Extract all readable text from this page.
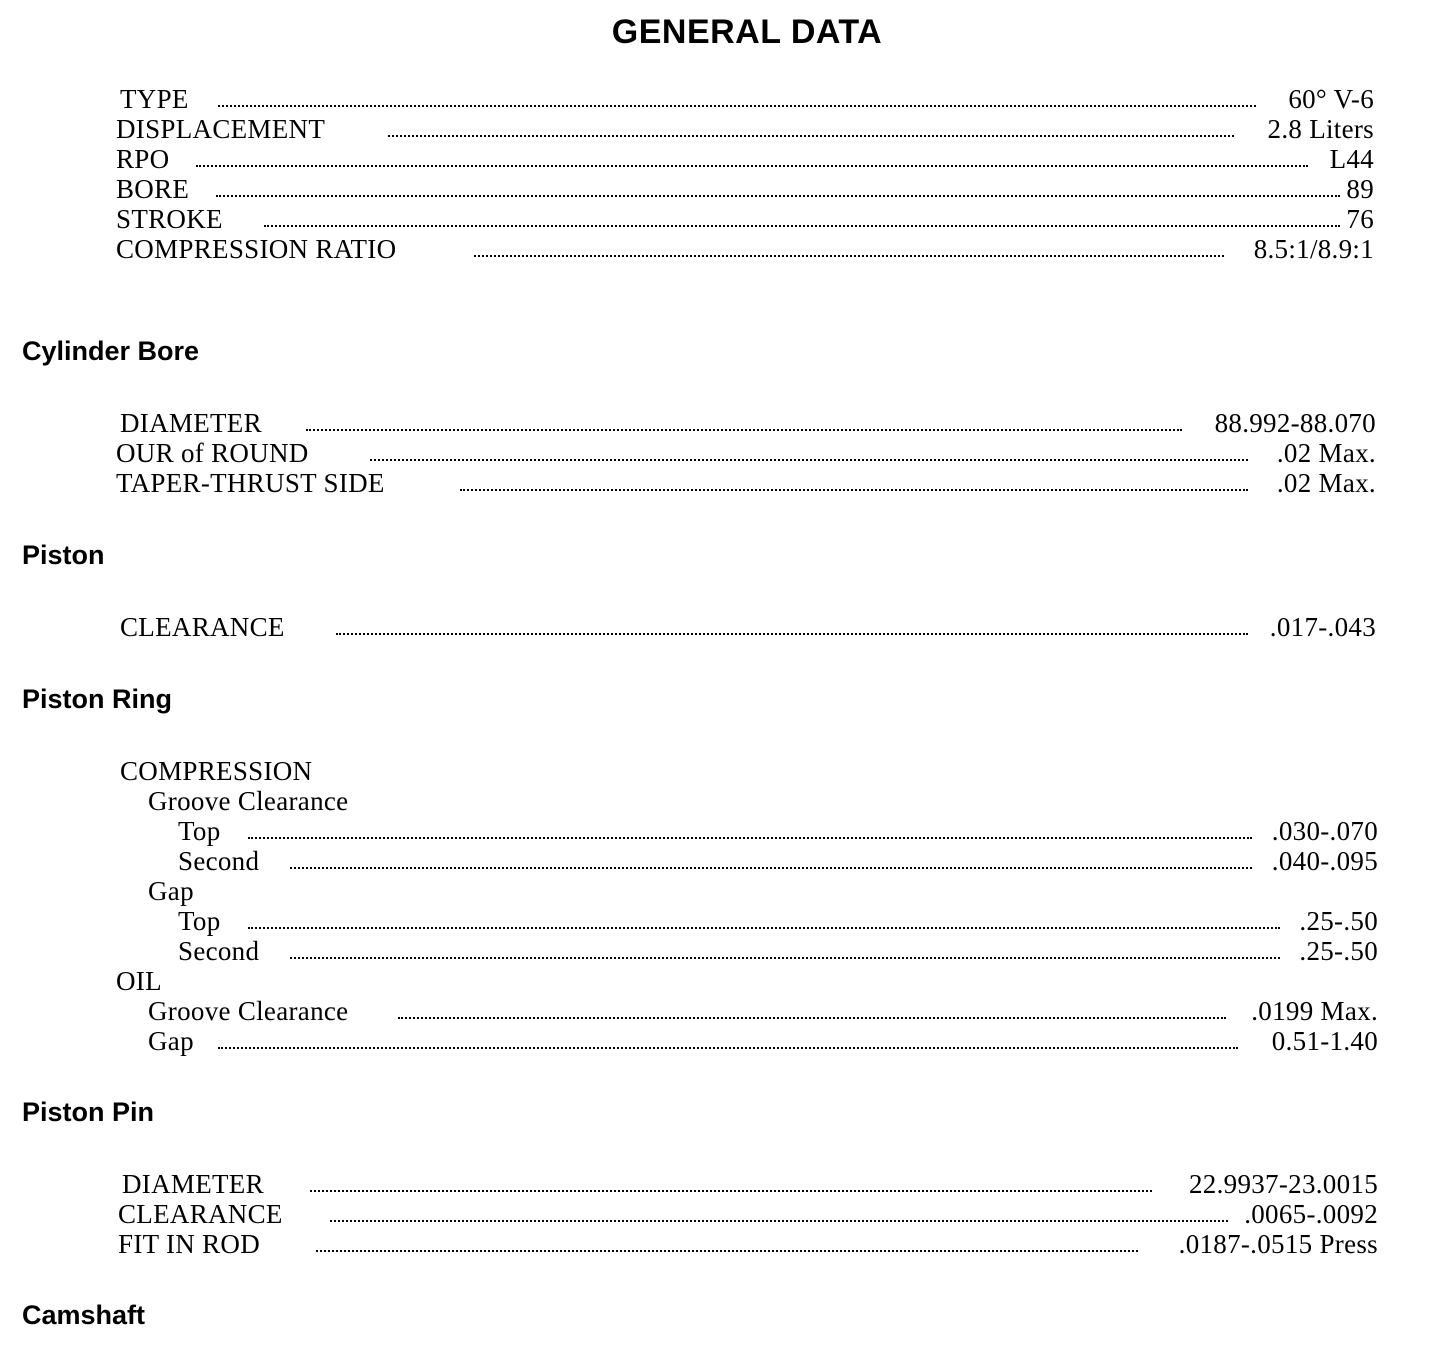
GENERAL DATA
TYPE	60° V-6
DISPLACEMENT	2.8 Liters
RPO	L44
BORE	89
STROKE	76
COMPRESSION RATIO	8.5:1/8.9:1
Cylinder Bore
DIAMETER	88.992-88.070
OUR of ROUND	.02 Max.
TAPER-THRUST SIDE	.02 Max.
Piston
CLEARANCE	.017-.043
Piston Ring
COMPRESSION
Groove Clearance
Top	.030-.070
Second	.040-.095
Gap
Top	.25-.50
Second	.25-.50
OIL
Groove Clearance	.0199 Max.
Gap	0.51-1.40
Piston Pin
DIAMETER	22.9937-23.0015
CLEARANCE	.0065-.0092
FIT IN ROD	.0187-.0515 Press
Camshaft
